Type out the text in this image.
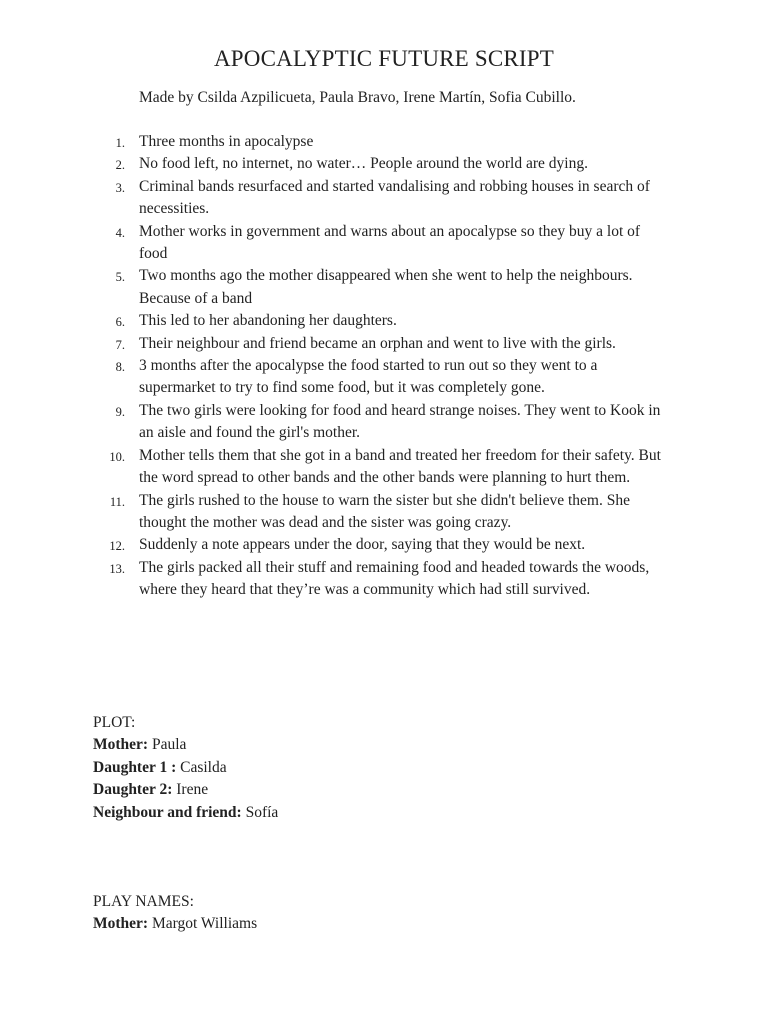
APOCALYPTIC FUTURE SCRIPT
Made by Csilda Azpilicueta, Paula Bravo, Irene Martín, Sofia Cubillo.
1. Three months in apocalypse
2. No food left, no internet, no water… People around the world are dying.
3. Criminal bands resurfaced and started vandalising and robbing houses in search of necessities.
4. Mother works in government and warns about an apocalypse so they buy a lot of food
5. Two months ago the mother disappeared when she went to help the neighbours. Because of a band
6. This led to her abandoning her daughters.
7. Their neighbour and friend became an orphan and went to live with the girls.
8. 3 months after the apocalypse the food started to run out so they went to a supermarket to try to find some food, but it was completely gone.
9. The two girls were looking for food and heard strange noises. They went to Kook in an aisle and found the girl's mother.
10. Mother tells them that she got in a band and treated her freedom for their safety. But the word spread to other bands and the other bands were planning to hurt them.
11. The girls rushed to the house to warn the sister but she didn't believe them. She thought the mother was dead and the sister was going crazy.
12. Suddenly a note appears under the door, saying that they would be next.
13. The girls packed all their stuff and remaining food and headed towards the woods, where they heard that they’re was a community which had still survived.

PLOT:

Mother: Paula

Daughter 1 : Casilda

Daughter 2: Irene

Neighbour and friend: Sofía

PLAY NAMES:

Mother: Margot Williams
